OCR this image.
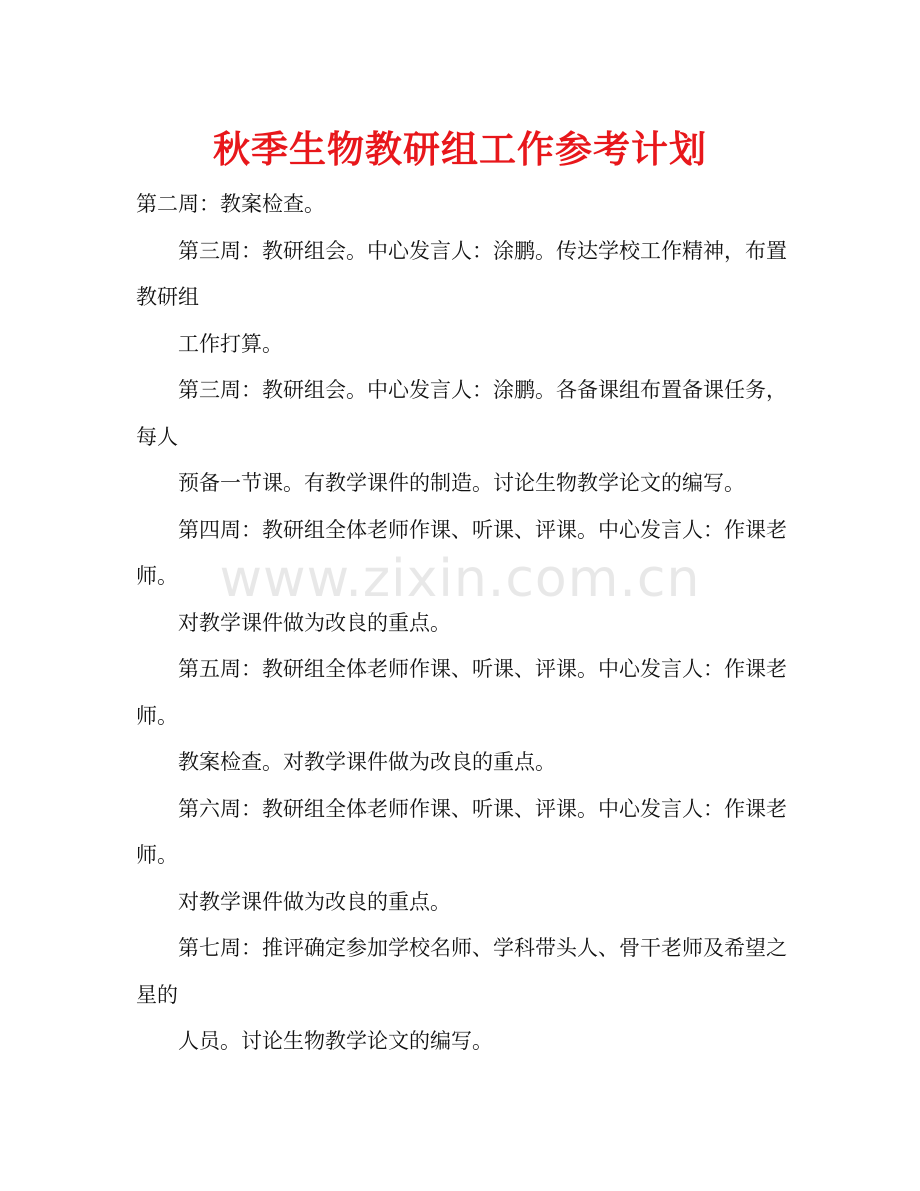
秋季生物教研组工作参考计划

第二周：教案检查。

第三周：教研组会。中心发言人：涂鹏。传达学校工作精神，布置

教研组

工作打算。

第三周：教研组会。中心发言人：涂鹏。各备课组布置备课任务，

每人

预备一节课。有教学课件的制造。讨论生物教学论文的编写。

第四周：教研组全体老师作课、听课、评课。中心发言人：作课老

师。

对教学课件做为改良的重点。

第五周：教研组全体老师作课、听课、评课。中心发言人：作课老

师。

教案检查。对教学课件做为改良的重点。

第六周：教研组全体老师作课、听课、评课。中心发言人：作课老

师。

对教学课件做为改良的重点。

第七周：推评确定参加学校名师、学科带头人、骨干老师及希望之

星的

人员。讨论生物教学论文的编写。

www.zixin.com.cn
